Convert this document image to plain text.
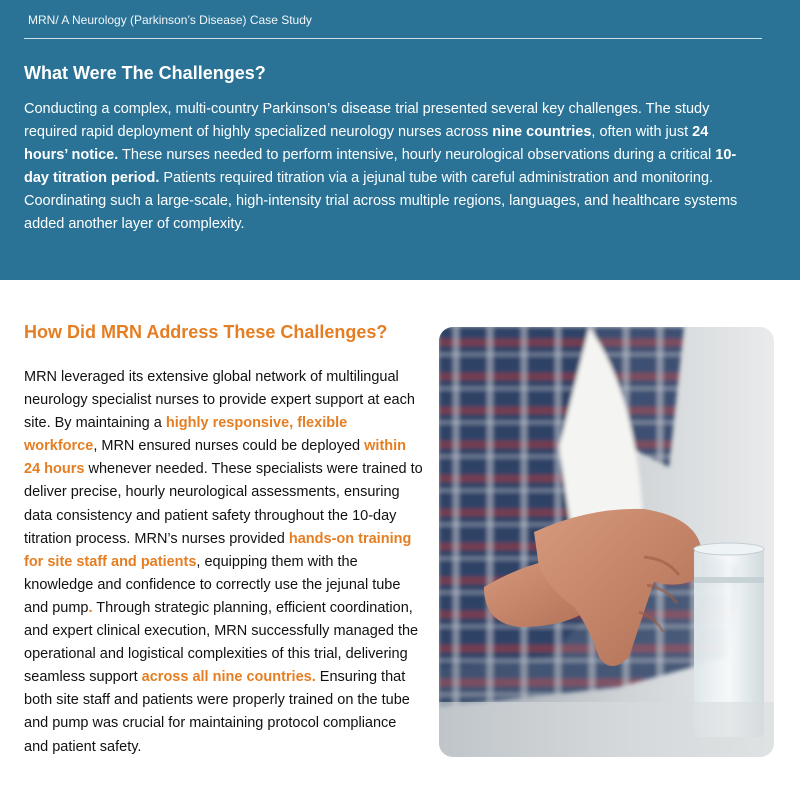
MRN/ A Neurology (Parkinson’s Disease) Case Study
What Were The Challenges?

Conducting a complex, multi-country Parkinson’s disease trial presented several key challenges. The study required rapid deployment of highly specialized neurology nurses across nine countries, often with just 24 hours’ notice. These nurses needed to perform intensive, hourly neurological observations during a critical 10-day titration period. Patients required titration via a jejunal tube with careful administration and monitoring. Coordinating such a large-scale, high-intensity trial across multiple regions, languages, and healthcare systems added another layer of complexity.

How Did MRN Address These Challenges?

MRN leveraged its extensive global network of multilingual neurology specialist nurses to provide expert support at each site. By maintaining a highly responsive, flexible workforce, MRN ensured nurses could be deployed within 24 hours whenever needed. These specialists were trained to deliver precise, hourly neurological assessments, ensuring data consistency and patient safety throughout the 10-day titration process. MRN’s nurses provided hands-on training for site staff and patients, equipping them with the knowledge and confidence to correctly use the jejunal tube and pump. Through strategic planning, efficient coordination, and expert clinical execution, MRN successfully managed the operational and logistical complexities of this trial, delivering seamless support across all nine countries. Ensuring that both site staff and patients were properly trained on the tube and pump was crucial for maintaining protocol compliance and patient safety.
